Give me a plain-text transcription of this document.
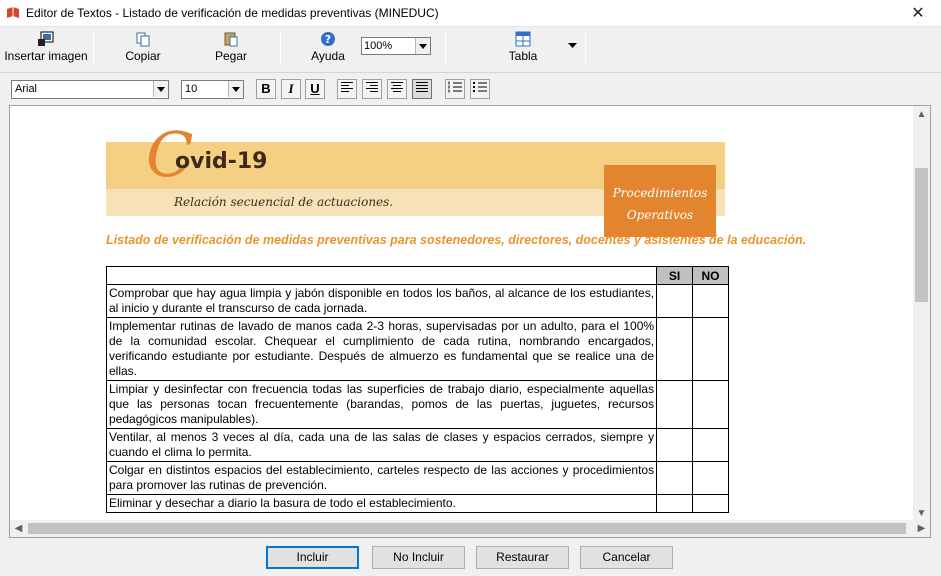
Editor de Textos - Listado de verificación de medidas preventivas (MINEDUC)	✕
Insertar imagen	Copiar	Pegar
?
Ayuda
100%
Tabla
Arial	10	B	I	U
C
ovid-19
Relación secuencial de actuaciones.
Procedimientos
Operativos
Listado de verificación de medidas preventivas para sostenedores, directores, docentes y asistentes de la educación.
	SI	NO
Comprobar que hay agua limpia y jabón disponible en todos los baños, al alcance de los estudiantes, al inicio y durante el transcurso de cada jornada.		
Implementar rutinas de lavado de manos cada 2-3 horas, supervisadas por un adulto, para el 100% de la comunidad escolar. Chequear el cumplimiento de cada rutina, nombrando encargados, verificando estudiante por estudiante. Después de almuerzo es fundamental que se realice una de ellas.		
Limpiar y desinfectar con frecuencia todas las superficies de trabajo diario, especialmente aquellas que las personas tocan frecuentemente (barandas, pomos de las puertas, juguetes, recursos pedagógicos manipulables).		
Ventilar, al menos 3 veces al día, cada una de las salas de clases y espacios cerrados, siempre y cuando el clima lo permita.		
Colgar en distintos espacios del establecimiento, carteles respecto de las acciones y procedimientos para promover las rutinas de prevención.		
Eliminar y desechar a diario la basura de todo el establecimiento.		
▲
▼
◀	▶
Incluir	No Incluir	Restaurar	Cancelar
